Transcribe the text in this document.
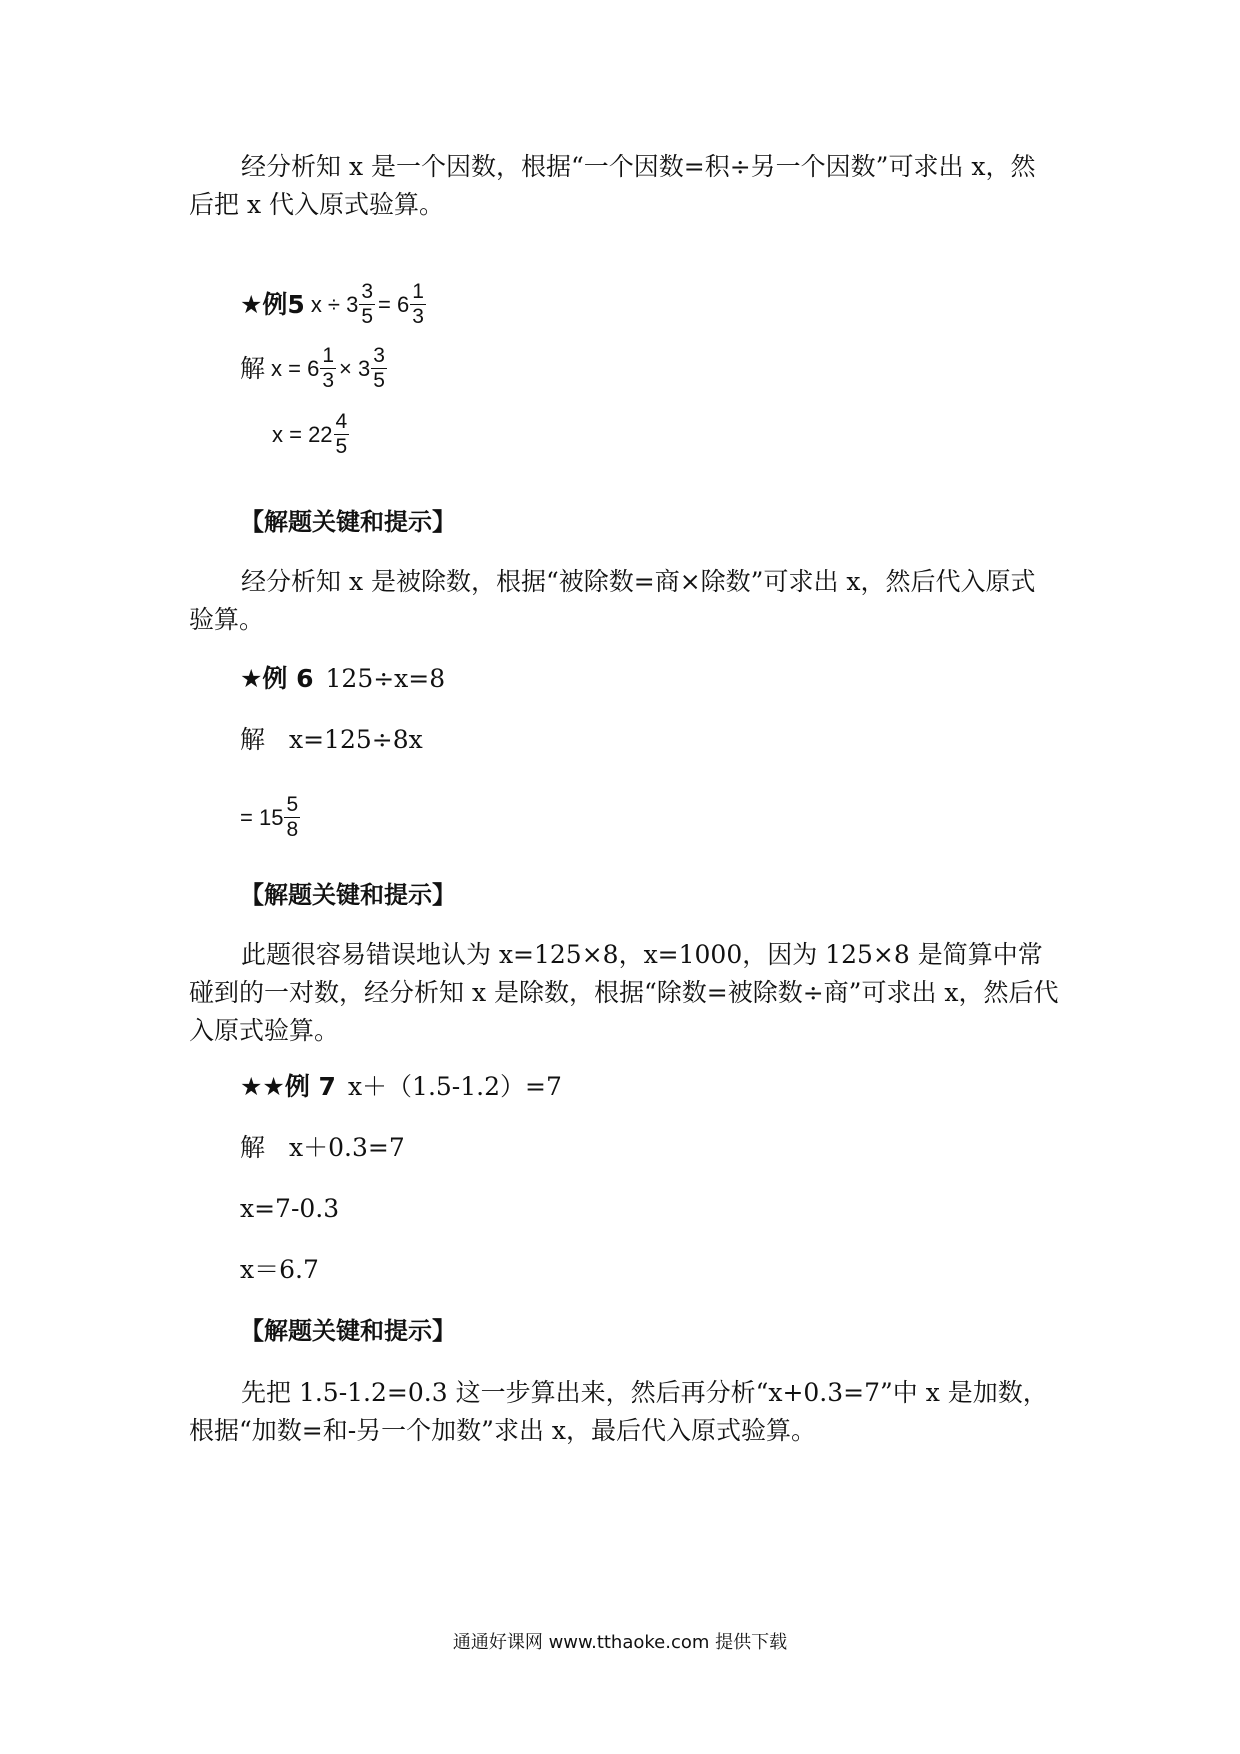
经分析知 x 是一个因数，根据“一个因数=积÷另一个因数”可求出 x，然后把 x 代入原式验算。

★例5 $x \div 3 \frac{3}{5} = 6 \frac{1}{3}$
解 $x = 6 \frac{1}{3} \times 3 \frac{3}{5}$
$x = 22 \frac{4}{5}$

【解题关键和提示】

经分析知 x 是被除数，根据“被除数=商×除数”可求出 x，然后代入原式验算。

★例 6 125÷x=8
解 x=125÷8x
= $15 \frac{5}{8}$

【解题关键和提示】

此题很容易错误地认为 x=125×8，x=1000，因为 125×8 是简算中常碰到的一对数，经分析知 x 是除数，根据“除数=被除数÷商”可求出 x，然后代入原式验算。

★★例 7 x＋（1.5-1.2）=7
解 x＋0.3=7
x=7-0.3
x＝6.7

【解题关键和提示】

先把 1.5-1.2=0.3 这一步算出来，然后再分析“x+0.3=7”中 x 是加数，根据“加数=和-另一个加数”求出 x，最后代入原式验算。

通通好课网 www.tthaoke.com 提供下载
